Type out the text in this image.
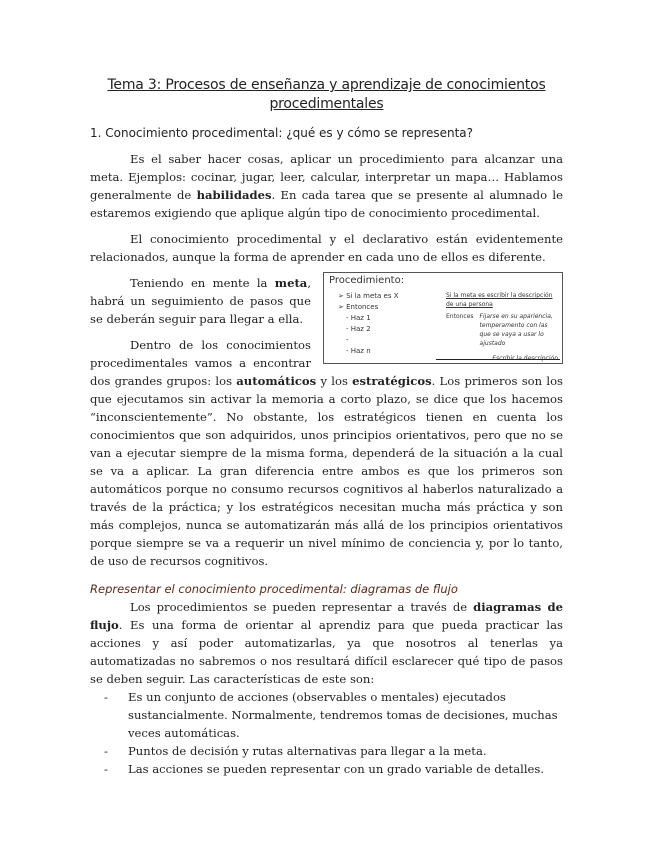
Tema 3: Procesos de enseñanza y aprendizaje de conocimientos procedimentales
1. Conocimiento procedimental: ¿qué es y cómo se representa?

Es el saber hacer cosas, aplicar un procedimiento para alcanzar una meta. Ejemplos: cocinar, jugar, leer, calcular, interpretar un mapa… Hablamos generalmente de habilidades. En cada tarea que se presente al alumnado le estaremos exigiendo que aplique algún tipo de conocimiento procedimental.

El conocimiento procedimental y el declarativo están evidentemente relacionados, aunque la forma de aprender en cada uno de ellos es diferente.

Procedimiento:
➢ Si la meta es X
➢ Entonces
- Haz 1
- Haz 2
-
- Haz n
Si la meta es escribir la descripción de una persona
Entonces Fijarse en su apariencia, temperamento con las que se vaya a usar lo ajustado
Escribir la descripción

Teniendo en mente la meta, habrá un seguimiento de pasos que se deberán seguir para llegar a ella.

Dentro de los conocimientos procedimentales vamos a encontrar dos grandes grupos: los automáticos y los estratégicos. Los primeros son los que ejecutamos sin activar la memoria a corto plazo, se dice que los hacemos “inconscientemente”. No obstante, los estratégicos tienen en cuenta los conocimientos que son adquiridos, unos principios orientativos, pero que no se van a ejecutar siempre de la misma forma, dependerá de la situación a la cual se va a aplicar. La gran diferencia entre ambos es que los primeros son automáticos porque no consumo recursos cognitivos al haberlos naturalizado a través de la práctica; y los estratégicos necesitan mucha más práctica y son más complejos, nunca se automatizarán más allá de los principios orientativos porque siempre se va a requerir un nivel mínimo de conciencia y, por lo tanto, de uso de recursos cognitivos.

Representar el conocimiento procedimental: diagramas de flujo

Los procedimientos se pueden representar a través de diagramas de flujo. Es una forma de orientar al aprendiz para que pueda practicar las acciones y así poder automatizarlas, ya que nosotros al tenerlas ya automatizadas no sabremos o nos resultará difícil esclarecer qué tipo de pasos se deben seguir. Las características de este son:

- Es un conjunto de acciones (observables o mentales) ejecutados sustancialmente. Normalmente, tendremos tomas de decisiones, muchas veces automáticas.
- Puntos de decisión y rutas alternativas para llegar a la meta.
- Las acciones se pueden representar con un grado variable de detalles.
